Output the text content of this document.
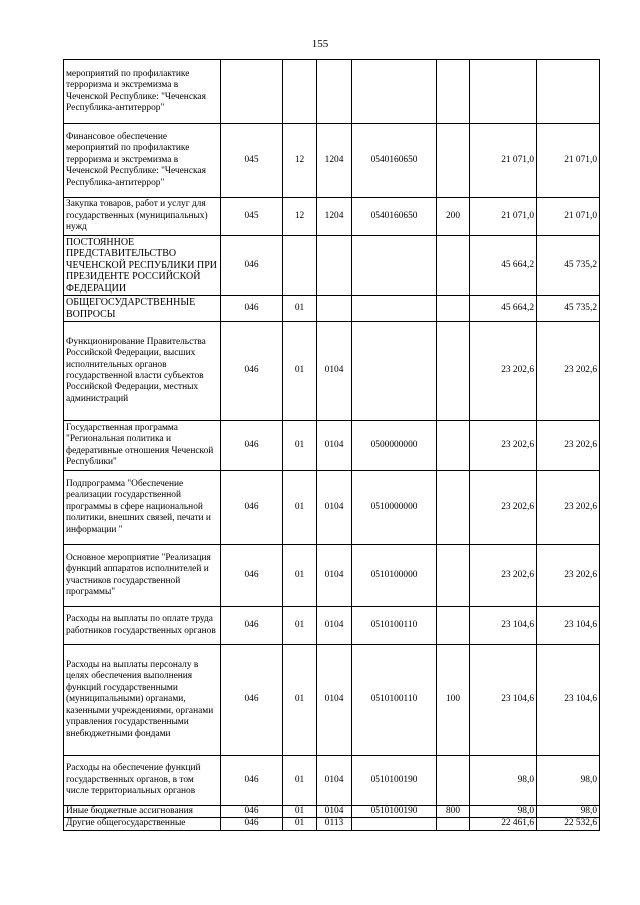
155
мероприятий по профилактике терроризма и экстремизма в Чеченской Республике: "Чеченская Республика-антитеррор"							
Финансовое обеспечение мероприятий по профилактике терроризма и экстремизма в Чеченской Республике: "Чеченская Республика-антитеррор"	045	12	1204	0540160650		21 071,0	21 071,0
Закупка товаров, работ и услуг для государственных (муниципальных) нужд	045	12	1204	0540160650	200	21 071,0	21 071,0
ПОСТОЯННОЕ ПРЕДСТАВИТЕЛЬСТВО ЧЕЧЕНСКОЙ РЕСПУБЛИКИ ПРИ ПРЕЗИДЕНТЕ РОССИЙСКОЙ ФЕДЕРАЦИИ	046					45 664,2	45 735,2
ОБЩЕГОСУДАРСТВЕННЫЕ ВОПРОСЫ	046	01				45 664,2	45 735,2
Функционирование Правительства Российской Федерации, высших исполнительных органов государственной власти субъектов Российской Федерации, местных администраций	046	01	0104			23 202,6	23 202,6
Государственная программа "Региональная политика и федеративные отношения Чеченской Республики"	046	01	0104	0500000000		23 202,6	23 202,6
Подпрограмма "Обеспечение реализации государственной программы в сфере национальной политики, внешних связей, печати и информации "	046	01	0104	0510000000		23 202,6	23 202,6
Основное мероприятие "Реализация функций аппаратов исполнителей и участников государственной программы"	046	01	0104	0510100000		23 202,6	23 202,6
Расходы на выплаты по оплате труда работников государственных органов	046	01	0104	0510100110		23 104,6	23 104,6
Расходы на выплаты персоналу в целях обеспечения выполнения функций государственными (муниципальными) органами, казенными учреждениями, органами управления государственными внебюджетными фондами	046	01	0104	0510100110	100	23 104,6	23 104,6
Расходы на обеспечение функций государственных органов, в том числе территориальных органов	046	01	0104	0510100190		98,0	98,0
Иные бюджетные ассигнования	046	01	0104	0510100190	800	98,0	98,0
Другие общегосударственные	046	01	0113			22 461,6	22 532,6
